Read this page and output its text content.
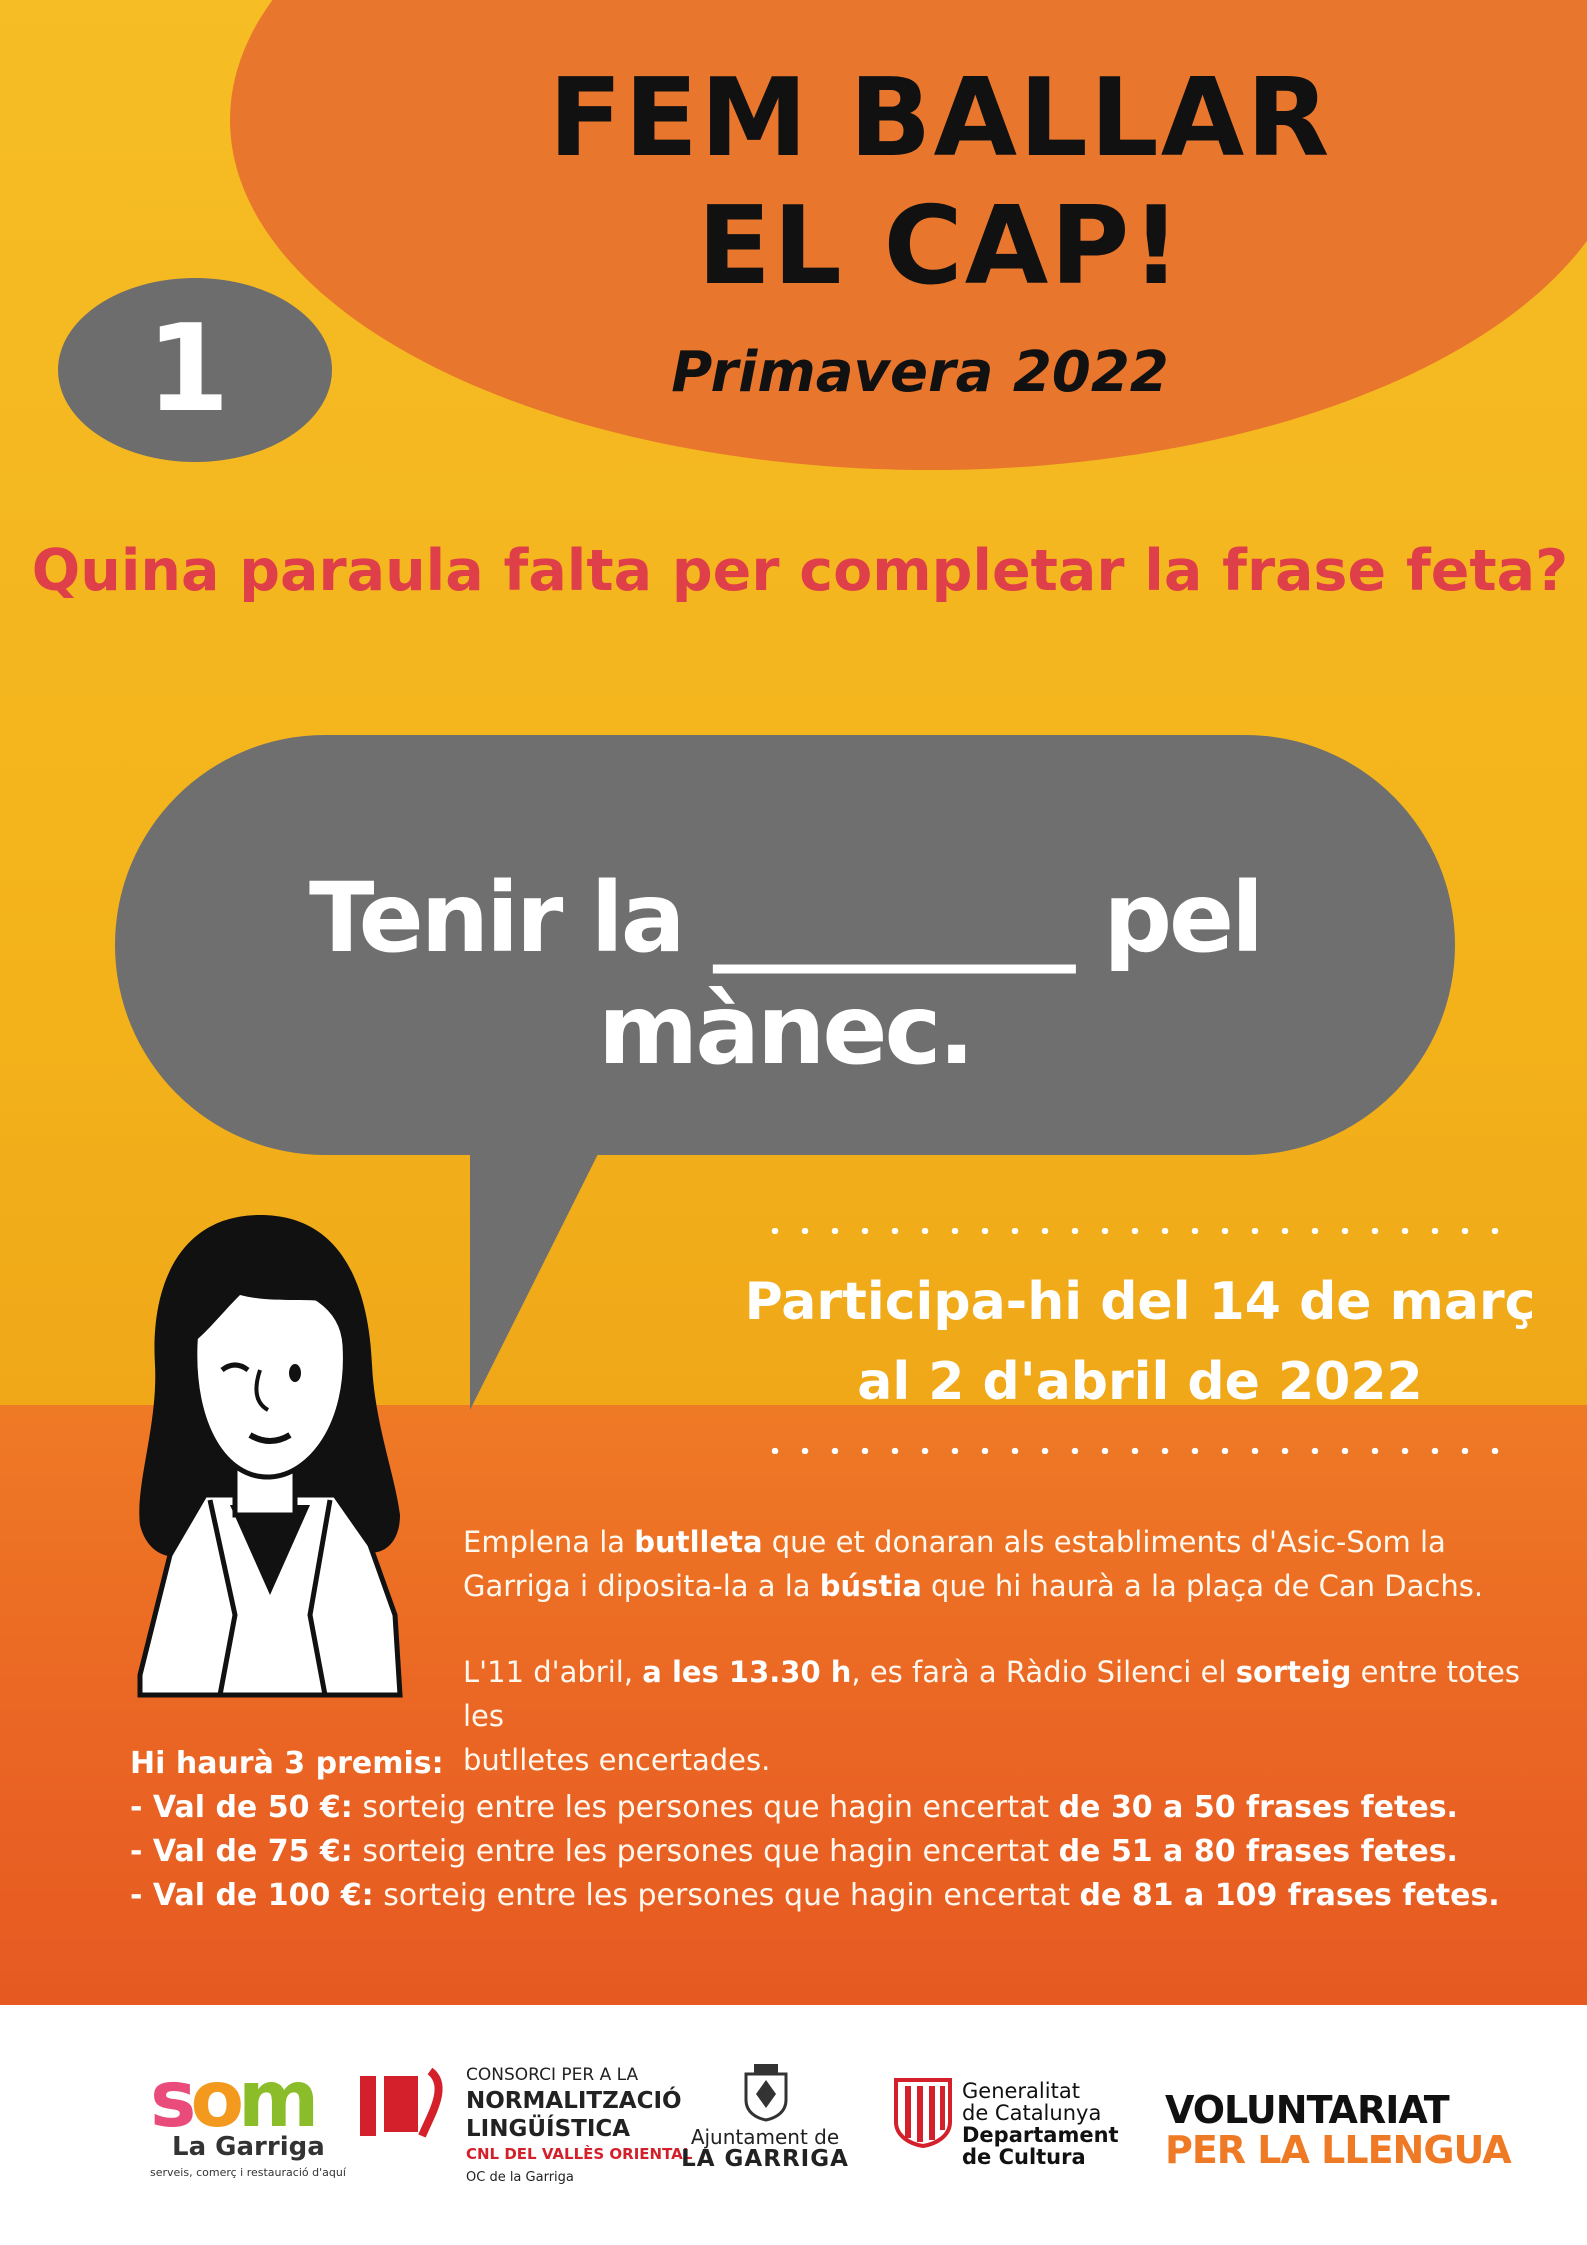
FEM BALLAR
EL CAP!
Primavera 2022
1
Quina paraula falta per completar la frase feta?
Tenir la ________ pel mànec.
Participa-hi del 14 de març
al 2 d'abril de 2022
Emplena la butlleta que et donaran als establiments d'Asic-Som la
Garriga i diposita-la a la bústia que hi haurà a la plaça de Can Dachs.
L'11 d'abril, a les 13.30 h, es farà a Ràdio Silenci el sorteig entre totes les
butlletes encertades.
Hi haurà 3 premis:
- Val de 50 €: sorteig entre les persones que hagin encertat de 30 a 50 frases fetes.
- Val de 75 €: sorteig entre les persones que hagin encertat de 51 a 80 frases fetes.
- Val de 100 €: sorteig entre les persones que hagin encertat de 81 a 109 frases fetes.
som
La Garriga
serveis, comerç i restauració d'aquí
CONSORCI PER A LA
NORMALITZACIÓ
LINGÜÍSTICA
CNL DEL VALLÈS ORIENTAL
OC de la Garriga
Ajuntament de
LA GARRIGA
Generalitat
de Catalunya
Departament
de Cultura
VOLUNTARIAT
PER LA LLENGUA
